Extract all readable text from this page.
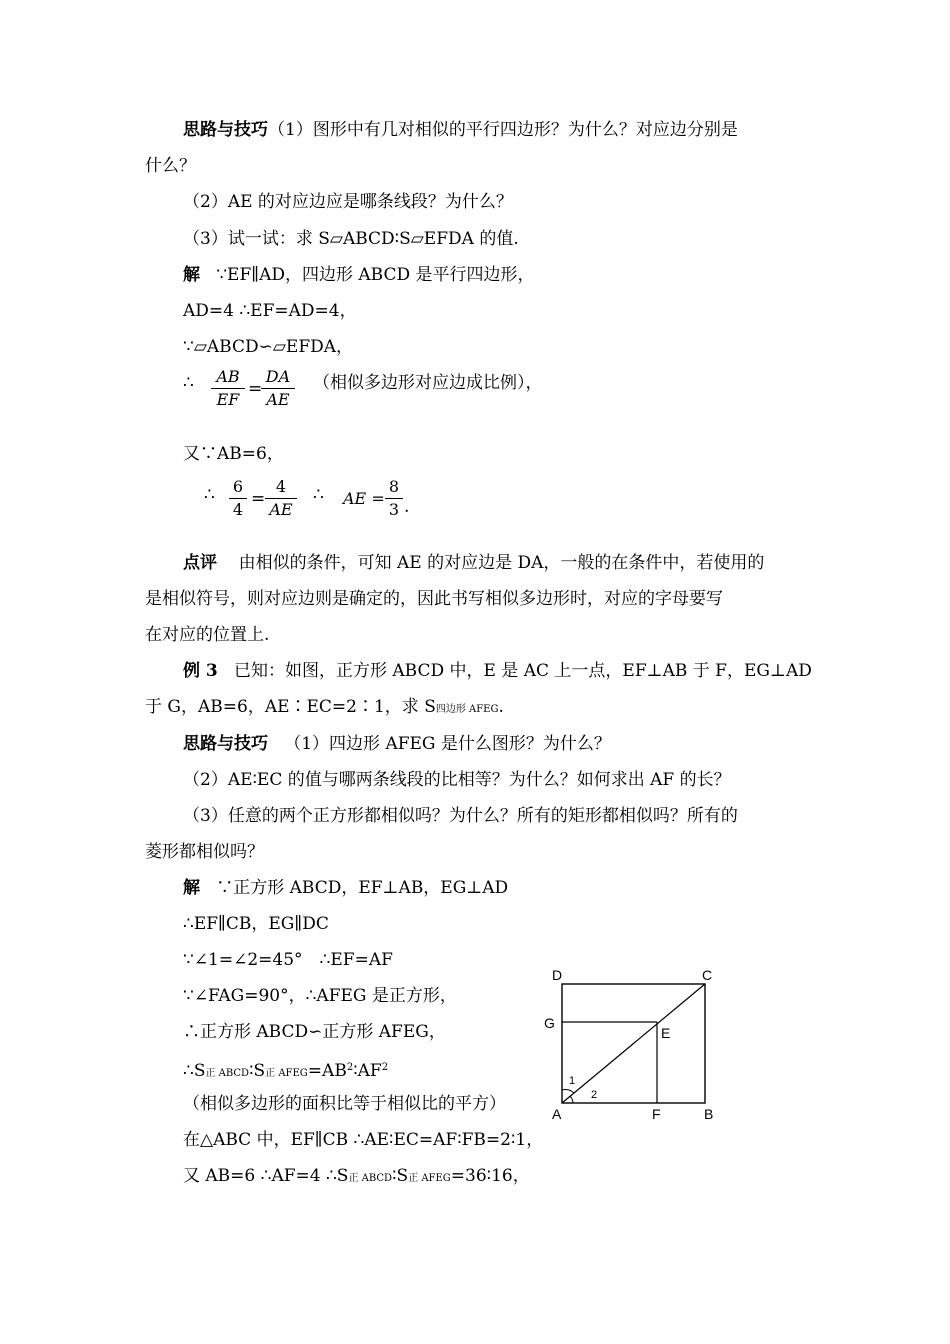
思路与技巧（1）图形中有几对相似的平行四边形？为什么？对应边分别是
什么？
（2）AE 的对应边应是哪条线段？为什么？
（3）试一试：求 S▱ABCD∶S▱EFDA 的值.
解 ∵EF∥AD，四边形 ABCD 是平行四边形，
AD=4 ∴EF=AD=4，
∵▱ABCD∽▱EFDA，
∴ $\frac{AB}{EF}$ =
$\frac{DA}{AE}$ （相似多边形对应边成比例），
又∵AB=6，
∴ $\frac{6}{4} = \frac{4}{AE}$ ∴ AE = $\frac{8}{3}$ .
点评 由相似的条件，可知 AE 的对应边是 DA，一般的在条件中，若使用的
是相似符号，则对应边则是确定的，因此书写相似多边形时，对应的字母要写
在对应的位置上.
例 3 已知：如图，正方形 ABCD 中，E 是 AC 上一点，EF⊥AB 于 F，EG⊥AD
于 G，AB=6，AE∶EC=2∶1，求 S四边形 AFEG.
思路与技巧 （1）四边形 AFEG 是什么图形？为什么？
（2）AE∶EC 的值与哪两条线段的比相等？为什么？如何求出 AF 的长？
（3）任意的两个正方形都相似吗？为什么？所有的矩形都相似吗？所有的
菱形都相似吗？
解 ∵正方形 ABCD，EF⊥AB，EG⊥AD
∴EF∥CB，EG∥DC
∵∠1=∠2=45°　∴EF=AF
∵∠FAG=90°，∴AFEG 是正方形，
∴正方形 ABCD∽正方形 AFEG，
∴S正 ABCD∶S正 $AFEG=AB^2∶AF^2$
（相似多边形的面积比等于相似比的平方）
在△ABC 中，EF∥CB ∴AE∶EC=AF∶FB=2∶1，
又 AB=6 ∴AF=4 ∴S正 ABCD∶S正 AFEG=36∶16，
D	C
G
E
1
2
A	F	B
